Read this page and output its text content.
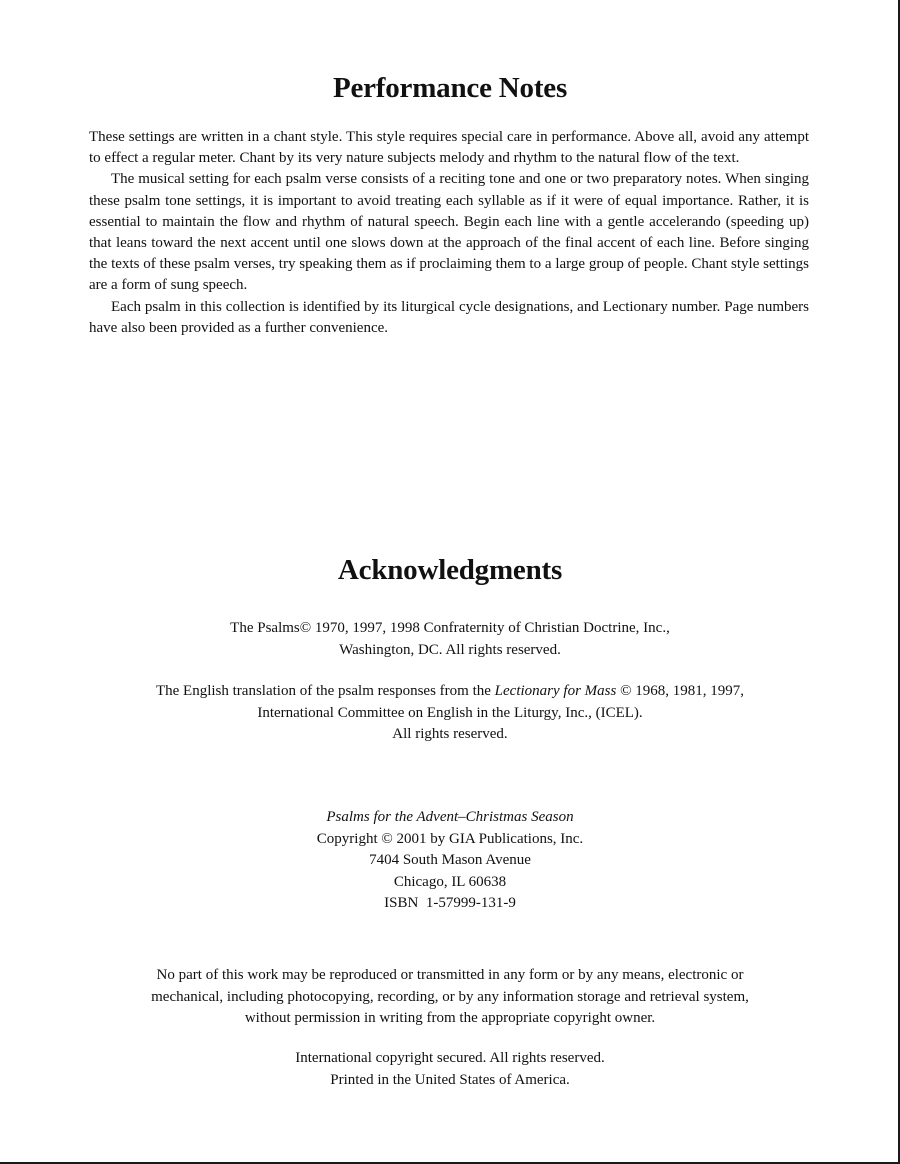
Performance Notes

These settings are written in a chant style. This style requires special care in performance. Above all, avoid any attempt to effect a regular meter. Chant by its very nature subjects melody and rhythm to the natural flow of the text.

The musical setting for each psalm verse consists of a reciting tone and one or two preparatory notes. When singing these psalm tone settings, it is important to avoid treating each syllable as if it were of equal importance. Rather, it is essential to maintain the flow and rhythm of natural speech. Begin each line with a gentle accelerando (speeding up) that leans toward the next accent until one slows down at the approach of the final accent of each line. Before singing the texts of these psalm verses, try speaking them as if proclaiming them to a large group of people. Chant style settings are a form of sung speech.

Each psalm in this collection is identified by its liturgical cycle designations, and Lectionary number. Page numbers have also been provided as a further convenience.

Acknowledgments
The Psalms© 1970, 1997, 1998 Confraternity of Christian Doctrine, Inc.,
Washington, DC. All rights reserved.
The English translation of the psalm responses from the Lectionary for Mass © 1968, 1981, 1997,
International Committee on English in the Liturgy, Inc., (ICEL).
All rights reserved.
Psalms for the Advent–Christmas Season
Copyright © 2001 by GIA Publications, Inc.
7404 South Mason Avenue
Chicago, IL 60638
ISBN  1-57999-131-9
No part of this work may be reproduced or transmitted in any form or by any means, electronic or
mechanical, including photocopying, recording, or by any information storage and retrieval system,
without permission in writing from the appropriate copyright owner.
International copyright secured. All rights reserved.
Printed in the United States of America.
